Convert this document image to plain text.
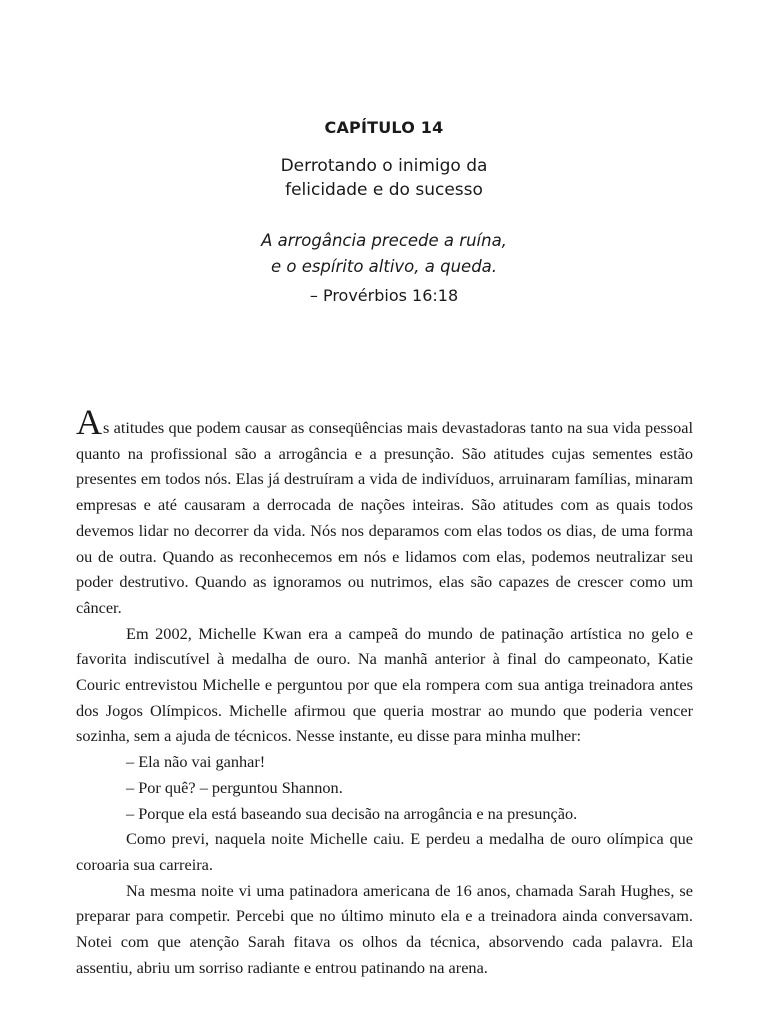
CAPÍTULO 14
Derrotando o inimigo da
felicidade e do sucesso
A arrogância precede a ruína,
e o espírito altivo, a queda.
– Provérbios 16:18

As atitudes que podem causar as conseqüências mais devastadoras tanto na sua vida pessoal quanto na profissional são a arrogância e a presunção. São atitudes cujas sementes estão presentes em todos nós. Elas já destruíram a vida de indivíduos, arruinaram famílias, minaram empresas e até causaram a derrocada de nações inteiras. São atitudes com as quais todos devemos lidar no decorrer da vida. Nós nos deparamos com elas todos os dias, de uma forma ou de outra. Quando as reconhecemos em nós e lidamos com elas, podemos neutralizar seu poder destrutivo. Quando as ignoramos ou nutrimos, elas são capazes de crescer como um câncer.

Em 2002, Michelle Kwan era a campeã do mundo de patinação artística no gelo e favorita indiscutível à medalha de ouro. Na manhã anterior à final do campeonato, Katie Couric entrevistou Michelle e perguntou por que ela rompera com sua antiga treinadora antes dos Jogos Olímpicos. Michelle afirmou que queria mostrar ao mundo que poderia vencer sozinha, sem a ajuda de técnicos. Nesse instante, eu disse para minha mulher:

– Ela não vai ganhar!

– Por quê? – perguntou Shannon.

– Porque ela está baseando sua decisão na arrogância e na presunção.

Como previ, naquela noite Michelle caiu. E perdeu a medalha de ouro olímpica que coroaria sua carreira.

Na mesma noite vi uma patinadora americana de 16 anos, chamada Sarah Hughes, se preparar para competir. Percebi que no último minuto ela e a treinadora ainda conversavam. Notei com que atenção Sarah fitava os olhos da técnica, absorvendo cada palavra. Ela assentiu, abriu um sorriso radiante e entrou patinando na arena.
